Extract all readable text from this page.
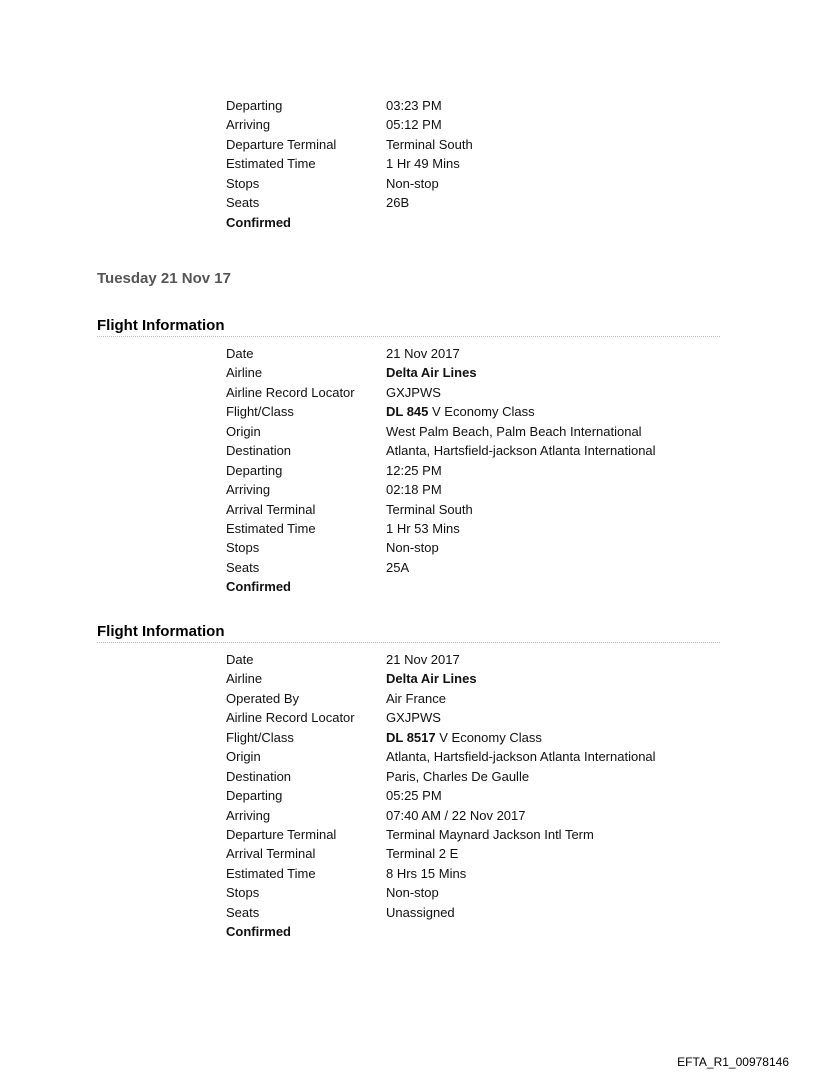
Departing	03:23 PM
Arriving	05:12 PM
Departure Terminal	Terminal South
Estimated Time	1 Hr 49 Mins
Stops	Non-stop
Seats	26B
Confirmed
Tuesday 21 Nov 17
Flight Information
Date	21 Nov 2017
Airline	Delta Air Lines
Airline Record Locator GXJPWS
Flight/Class	DL 845 V Economy Class
Origin	West Palm Beach, Palm Beach International
Destination	Atlanta, Hartsfield-jackson Atlanta International
Departing	12:25 PM
Arriving	02:18 PM
Arrival Terminal	Terminal South
Estimated Time	1 Hr 53 Mins
Stops	Non-stop
Seats	25A
Confirmed
Flight Information
Date	21 Nov 2017
Airline	Delta Air Lines
Operated By	Air France
Airline Record Locator GXJPWS
Flight/Class	DL 8517 V Economy Class
Origin	Atlanta, Hartsfield-jackson Atlanta International
Destination	Paris, Charles De Gaulle
Departing	05:25 PM
Arriving	07:40 AM / 22 Nov 2017
Departure Terminal	Terminal Maynard Jackson Intl Term
Arrival Terminal	Terminal 2 E
Estimated Time	8 Hrs 15 Mins
Stops	Non-stop
Seats	Unassigned
Confirmed
EFTA_R1_00978146
